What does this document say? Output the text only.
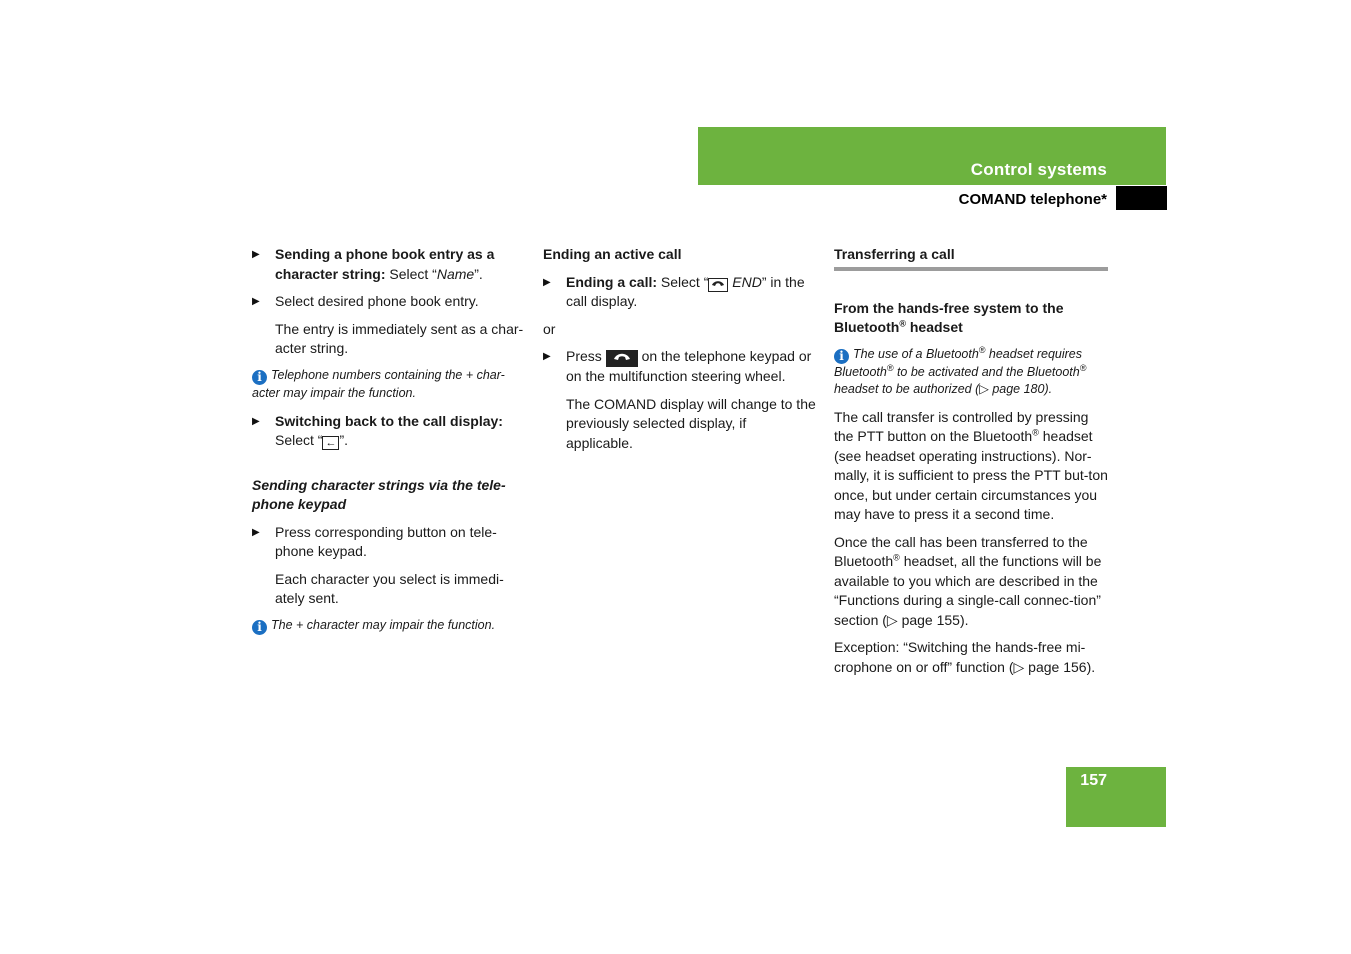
Control systems
COMAND telephone*
▶ Sending a phone book entry as a character string: Select “Name”.
▶ Select desired phone book entry.
The entry is immediately sent as a char-acter string.
i Telephone numbers containing the + char-acter may impair the function.
▶ Switching back to the call display:
Select “ ← ”.
Sending character strings via the tele-phone keypad
▶ Press corresponding button on tele-phone keypad.
Each character you select is immedi-ately sent.
i The + character may impair the function.
Ending an active call
▶ Ending a call: Select “ END” in the call display.
or
▶ Press  on the telephone keypad or on the multifunction steering wheel.
The COMAND display will change to the previously selected display, if applicable.
Transferring a call
From the hands-free system to the Bluetooth® headset
i The use of a Bluetooth® headset requires Bluetooth® to be activated and the Bluetooth® headset to be authorized (▷ page 180).
The call transfer is controlled by pressing the PTT button on the Bluetooth® headset (see headset operating instructions). Nor-mally, it is sufficient to press the PTT but-ton once, but under certain circumstances you may have to press it a second time.
Once the call has been transferred to the Bluetooth® headset, all the functions will be available to you which are described in the “Functions during a single-call connec-tion” section (▷ page 155).
Exception: “Switching the hands-free mi-crophone on or off” function (▷ page 156).
157
